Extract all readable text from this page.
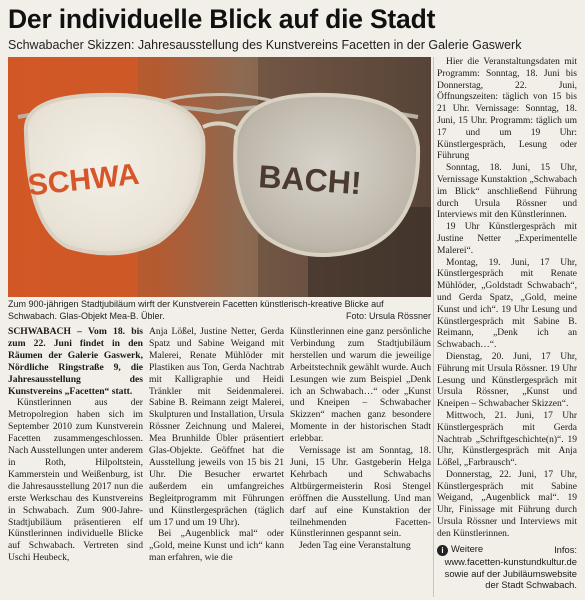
Der individuelle Blick auf die Stadt
Schwabacher Skizzen: Jahresausstellung des Kunstvereins Facetten in der Galerie Gaswerk
SCHWA	BACH!
Zum 900-jährigen Stadtjubiläum wirft der Kunstverein Facetten künstlerisch-kreative Blicke auf Schwabach. Glas-Objekt Mea-B. Übler.	Foto: Ursula Rössner

SCHWABACH – Vom 18. bis zum 22. Juni findet in den Räumen der Galerie Gaswerk, Nördliche Ringstraße 9, die Jahresausstellung des Kunstvereins „Facetten“ statt.

Künstlerinnen aus der Metropolregion haben sich im September 2010 zum Kunstverein Facetten zusammengeschlossen. Nach Ausstellungen unter anderem in Roth, Hilpoltstein, Kammerstein und Weißenburg, ist die Jahresausstellung 2017 nun die erste Werkschau des Kunstvereins in Schwabach. Zum 900-Jahre-Stadtjubiläum präsentieren elf Künstlerinnen individuelle Blicke auf Schwabach. Vertreten sind Uschi Heubeck,

Anja Lößel, Justine Netter, Gerda Spatz und Sabine Weigand mit Malerei, Renate Mühlöder mit Plastiken aus Ton, Gerda Nachtrab mit Kalligraphie und Heidi Tränkler mit Seidenmalerei. Sabine B. Reimann zeigt Malerei, Skulpturen und Installation, Ursula Rössner Zeichnung und Malerei, Mea Brunhilde Übler präsentiert Glas-Objekte. Geöffnet hat die Ausstellung jeweils von 15 bis 21 Uhr. Die Besucher erwartet außerdem ein umfangreiches Begleitprogramm mit Führungen und Künstlergesprächen (täglich um 17 und um 19 Uhr).

Bei „Augenblick mal“ oder „Gold, meine Kunst und ich“ kann man erfahren, wie die

Künstlerinnen eine ganz persönliche Verbindung zum Stadtjubiläum herstellen und warum die jeweilige Arbeitstechnik gewählt wurde. Auch Lesungen wie zum Beispiel „Denk ich an Schwabach…“ oder „Kunst und Kneipen – Schwabacher Skizzen“ machen ganz besondere Momente in der historischen Stadt erlebbar.

Vernissage ist am Sonntag, 18. Juni, 15 Uhr. Gastgeberin Helga Kehrbach und Schwabachs Altbürgermeisterin Rosi Stengel eröffnen die Ausstellung. Und man darf auf eine Kunstaktion der teilnehmenden Facetten-Künstlerinnen gespannt sein.

Jeden Tag eine Veranstaltung

Hier die Veranstaltungsdaten mit Programm: Sonntag, 18. Juni bis Donnerstag, 22. Juni, Öffnungszeiten: täglich von 15 bis 21 Uhr. Vernissage: Sonntag, 18. Juni, 15 Uhr. Programm: täglich um 17 und um 19 Uhr: Künstlergespräch, Lesung oder Führung

Sonntag, 18. Juni, 15 Uhr, Vernissage Kunstaktion „Schwabach im Blick“ anschließend Führung durch Ursula Rössner und Interviews mit den Künstlerinnen.

19 Uhr Künstlergespräch mit Justine Netter „Experimentelle Malerei“.

Montag, 19. Juni, 17 Uhr, Künstlergespräch mit Renate Mühlöder, „Goldstadt Schwabach“, und Gerda Spatz, „Gold, meine Kunst und ich“. 19 Uhr Lesung und Künstlergespräch mit Sabine B. Reimann, „Denk ich an Schwabach…“.

Dienstag, 20. Juni, 17 Uhr, Führung mit Ursula Rössner. 19 Uhr Lesung und Künstlergespräch mit Ursula Rössner, „Kunst und Kneipen – Schwabacher Skizzen“.

Mittwoch, 21. Juni, 17 Uhr Künstlergespräch mit Gerda Nachtrab „Schriftgeschichte(n)“. 19 Uhr, Künstlergespräch mit Anja Lößel, „Farbrausch“.

Donnerstag, 22. Juni, 17 Uhr, Künstlergespräch mit Sabine Weigand, „Augenblick mal“. 19 Uhr, Finissage mit Führung durch Ursula Rössner und Interviews mit den Künstlerinnen.

i Weitere	Infos:
www.facetten-kunstundkultur.de sowie auf der Jubiläumswebsite der Stadt Schwabach.
